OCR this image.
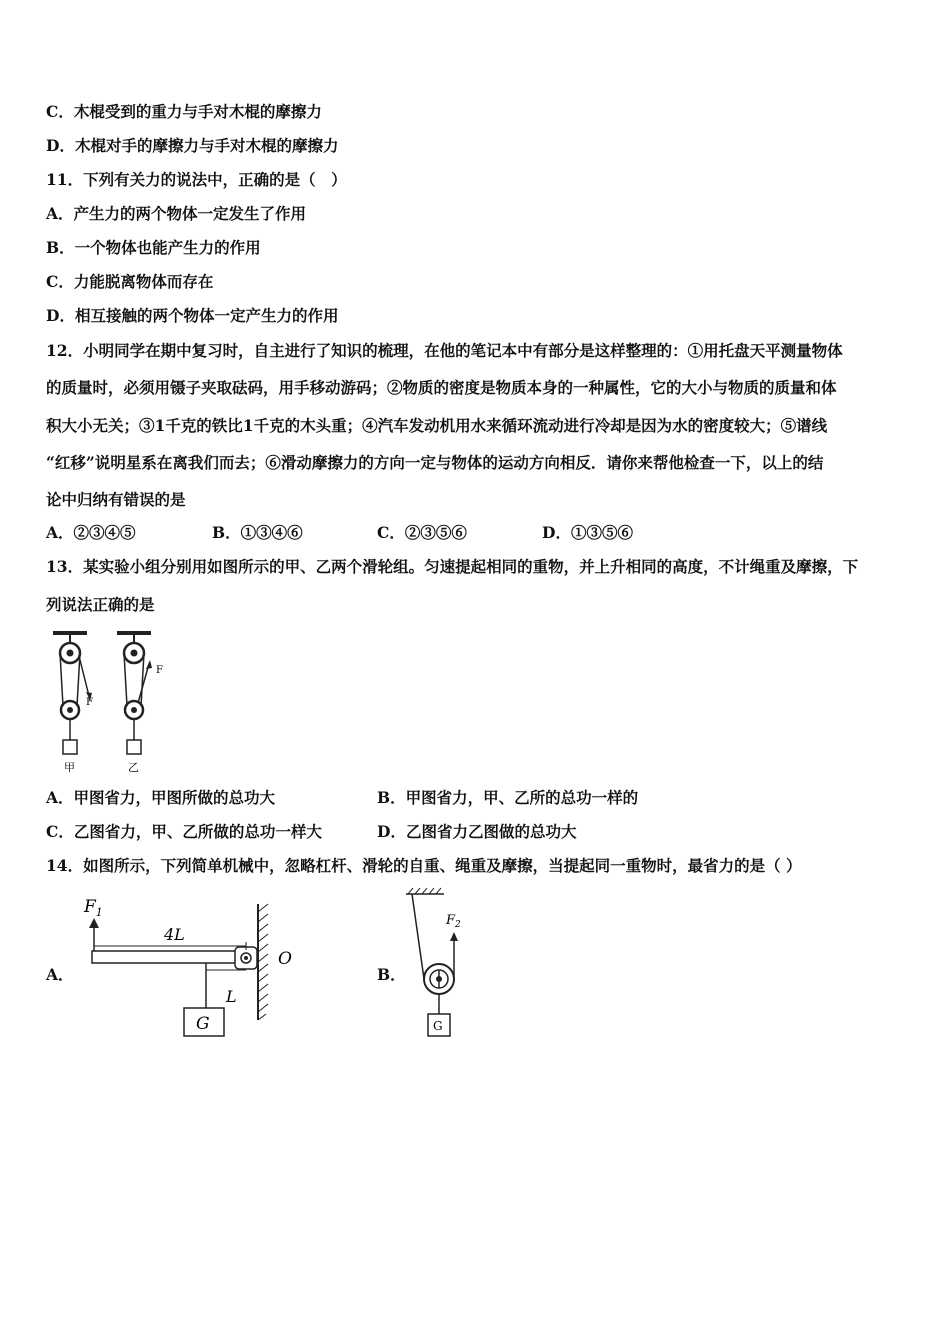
C．木棍受到的重力与手对木棍的摩擦力
D．木棍对手的摩擦力与手对木棍的摩擦力
11．下列有关力的说法中，正确的是（　）
A．产生力的两个物体一定发生了作用
B．一个物体也能产生力的作用
C．力能脱离物体而存在
D．相互接触的两个物体一定产生力的作用
12．小明同学在期中复习时，自主进行了知识的梳理，在他的笔记本中有部分是这样整理的：①用托盘天平测量物体
的质量时，必须用镊子夹取砝码，用手移动游码；②物质的密度是物质本身的一种属性，它的大小与物质的质量和体
积大小无关；③1千克的铁比1千克的木头重；④汽车发动机用水来循环流动进行冷却是因为水的密度较大；⑤谱线
“红移”说明星系在离我们而去；⑥滑动摩擦力的方向一定与物体的运动方向相反．请你来帮他检查一下，以上的结
论中归纳有错误的是
A．②③④⑤	B．①③④⑥	C．②③⑤⑥	D．①③⑤⑥
13．某实验小组分别用如图所示的甲、乙两个滑轮组。匀速提起相同的重物，并上升相同的高度，不计绳重及摩擦，下
列说法正确的是
F
F
甲	乙
A．甲图省力，甲图所做的总功大	B．甲图省力，甲、乙所的总功一样的
C．乙图省力，甲、乙所做的总功一样大	D．乙图省力乙图做的总功大
14．如图所示，下列简单机械中，忽略杠杆、滑轮的自重、绳重及摩擦，当提起同一重物时，最省力的是（ ）
A．	B．
$F_1$
4L
L
O
G
$F_2$
G
